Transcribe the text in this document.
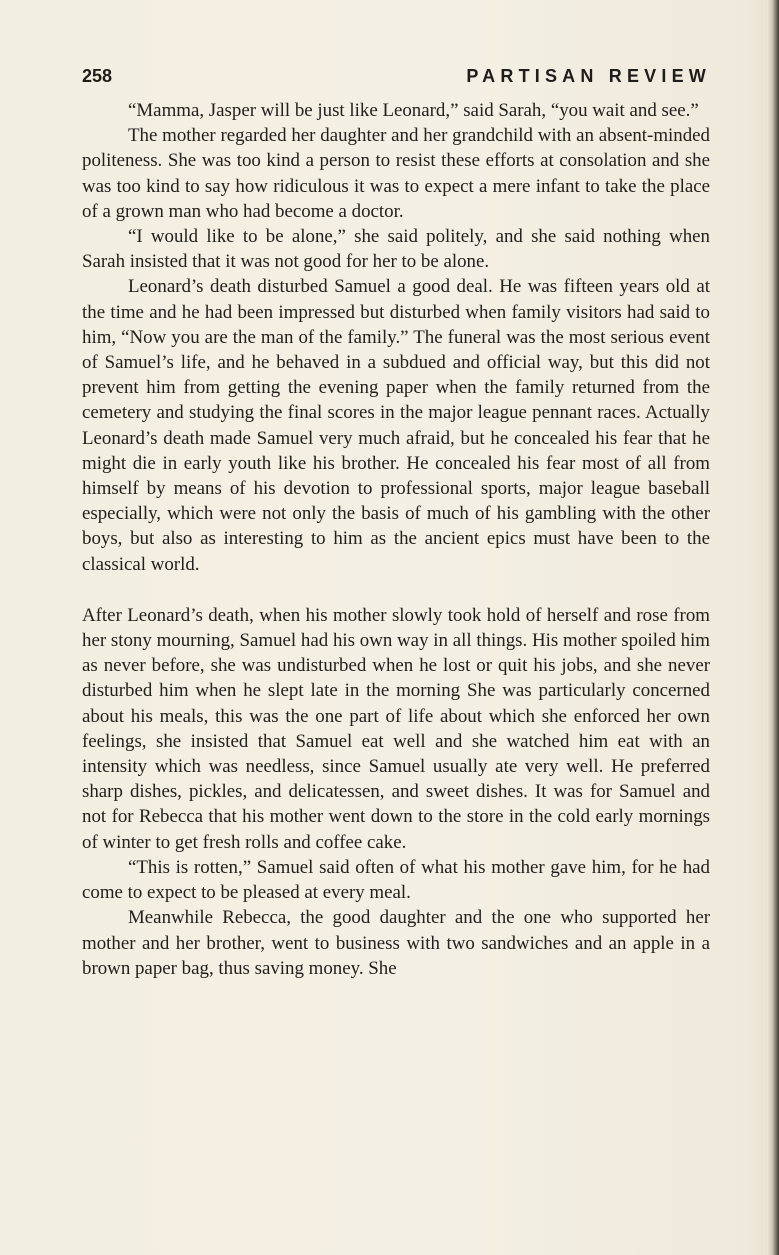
258	PARTISAN REVIEW

“Mamma, Jasper will be just like Leonard,” said Sarah, “you wait and see.”

The mother regarded her daughter and her grandchild with an absent-minded politeness. She was too kind a person to resist these efforts at consolation and she was too kind to say how ridiculous it was to expect a mere infant to take the place of a grown man who had become a doctor.

“I would like to be alone,” she said politely, and she said nothing when Sarah insisted that it was not good for her to be alone.

Leonard’s death disturbed Samuel a good deal. He was fifteen years old at the time and he had been impressed but disturbed when family visitors had said to him, “Now you are the man of the family.” The funeral was the most serious event of Samuel’s life, and he behaved in a subdued and official way, but this did not prevent him from getting the evening paper when the family returned from the cemetery and studying the final scores in the major league pennant races. Actually Leonard’s death made Samuel very much afraid, but he concealed his fear that he might die in early youth like his brother. He concealed his fear most of all from himself by means of his devotion to professional sports, major league baseball especially, which were not only the basis of much of his gambling with the other boys, but also as interesting to him as the ancient epics must have been to the classical world.

After Leonard’s death, when his mother slowly took hold of herself and rose from her stony mourning, Samuel had his own way in all things. His mother spoiled him as never before, she was undisturbed when he lost or quit his jobs, and she never disturbed him when he slept late in the morning She was particularly concerned about his meals, this was the one part of life about which she enforced her own feelings, she insisted that Samuel eat well and she watched him eat with an intensity which was needless, since Samuel usually ate very well. He preferred sharp dishes, pickles, and delicatessen, and sweet dishes. It was for Samuel and not for Rebecca that his mother went down to the store in the cold early mornings of winter to get fresh rolls and coffee cake.

“This is rotten,” Samuel said often of what his mother gave him, for he had come to expect to be pleased at every meal.

Meanwhile Rebecca, the good daughter and the one who supported her mother and her brother, went to business with two sandwiches and an apple in a brown paper bag, thus saving money. She
